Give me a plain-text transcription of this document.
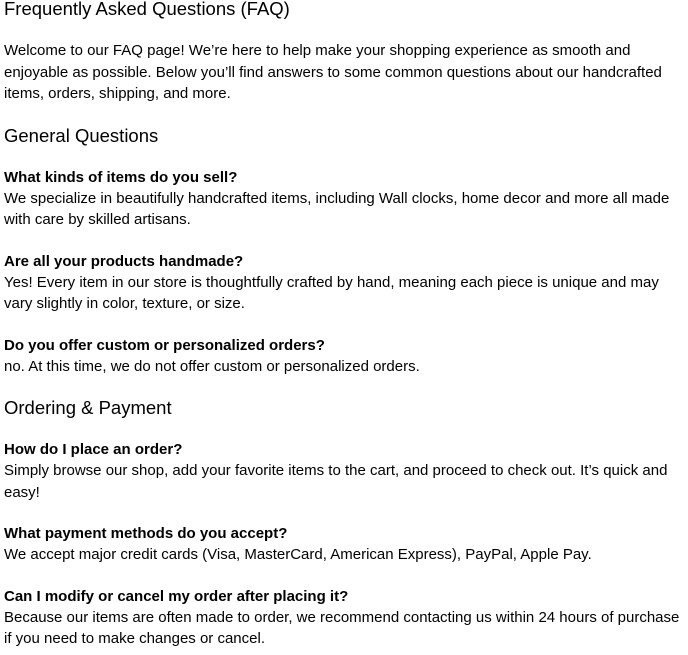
Frequently Asked Questions (FAQ)

Welcome to our FAQ page! We’re here to help make your shopping experience as smooth and enjoyable as possible. Below you’ll find answers to some common questions about our handcrafted items, orders, shipping, and more.

General Questions

What kinds of items do you sell?

We specialize in beautifully handcrafted items, including Wall clocks, home decor and more all made with care by skilled artisans.

Are all your products handmade?

Yes! Every item in our store is thoughtfully crafted by hand, meaning each piece is unique and may vary slightly in color, texture, or size.

Do you offer custom or personalized orders?

no. At this time, we do not offer custom or personalized orders.

Ordering & Payment

How do I place an order?

Simply browse our shop, add your favorite items to the cart, and proceed to check out. It’s quick and easy!

What payment methods do you accept?

We accept major credit cards (Visa, MasterCard, American Express), PayPal, Apple Pay.

Can I modify or cancel my order after placing it?

Because our items are often made to order, we recommend contacting us within 24 hours of purchase if you need to make changes or cancel.
